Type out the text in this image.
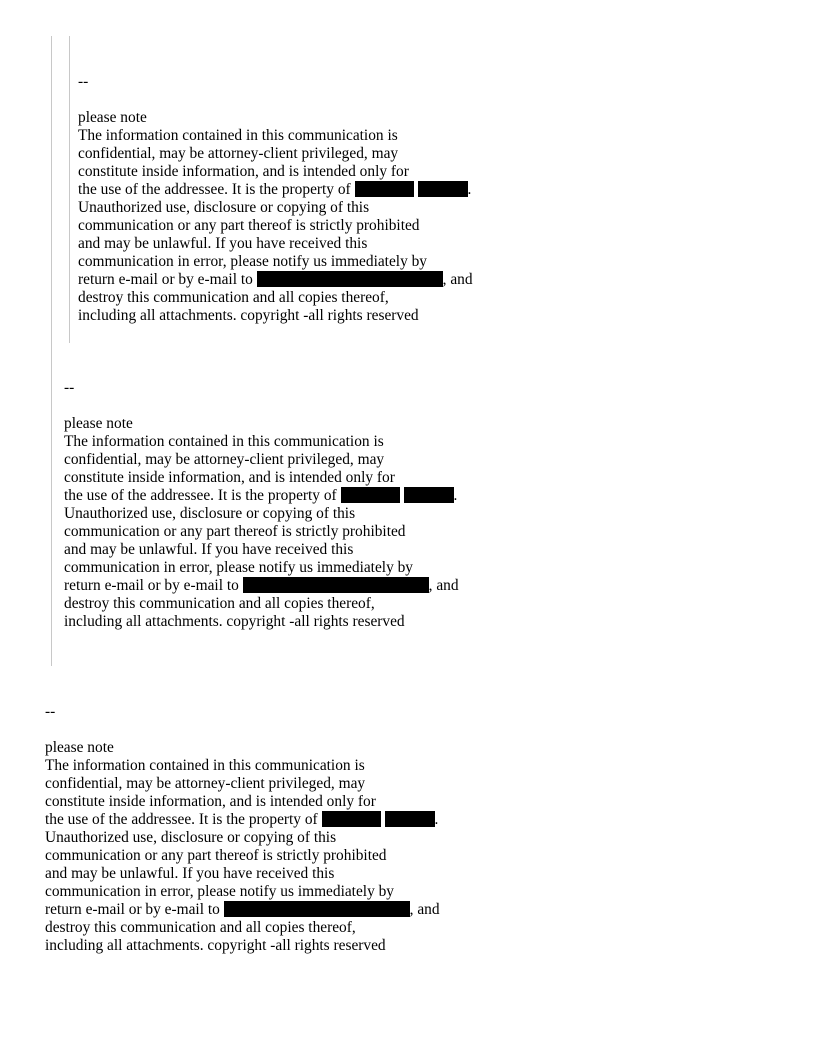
--
please note
The information contained in this communication is
confidential, may be attorney-client privileged, may
constitute inside information, and is intended only for
the use of the addressee. It is the property of	.
Unauthorized use, disclosure or copying of this
communication or any part thereof is strictly prohibited
and may be unlawful. If you have received this
communication in error, please notify us immediately by
return e-mail or by e-mail to	, and
destroy this communication and all copies thereof,
including all attachments. copyright -all rights reserved
--
please note
The information contained in this communication is
confidential, may be attorney-client privileged, may
constitute inside information, and is intended only for
the use of the addressee. It is the property of	.
Unauthorized use, disclosure or copying of this
communication or any part thereof is strictly prohibited
and may be unlawful. If you have received this
communication in error, please notify us immediately by
return e-mail or by e-mail to	, and
destroy this communication and all copies thereof,
including all attachments. copyright -all rights reserved
--
please note
The information contained in this communication is
confidential, may be attorney-client privileged, may
constitute inside information, and is intended only for
the use of the addressee. It is the property of	.
Unauthorized use, disclosure or copying of this
communication or any part thereof is strictly prohibited
and may be unlawful. If you have received this
communication in error, please notify us immediately by
return e-mail or by e-mail to	, and
destroy this communication and all copies thereof,
including all attachments. copyright -all rights reserved
